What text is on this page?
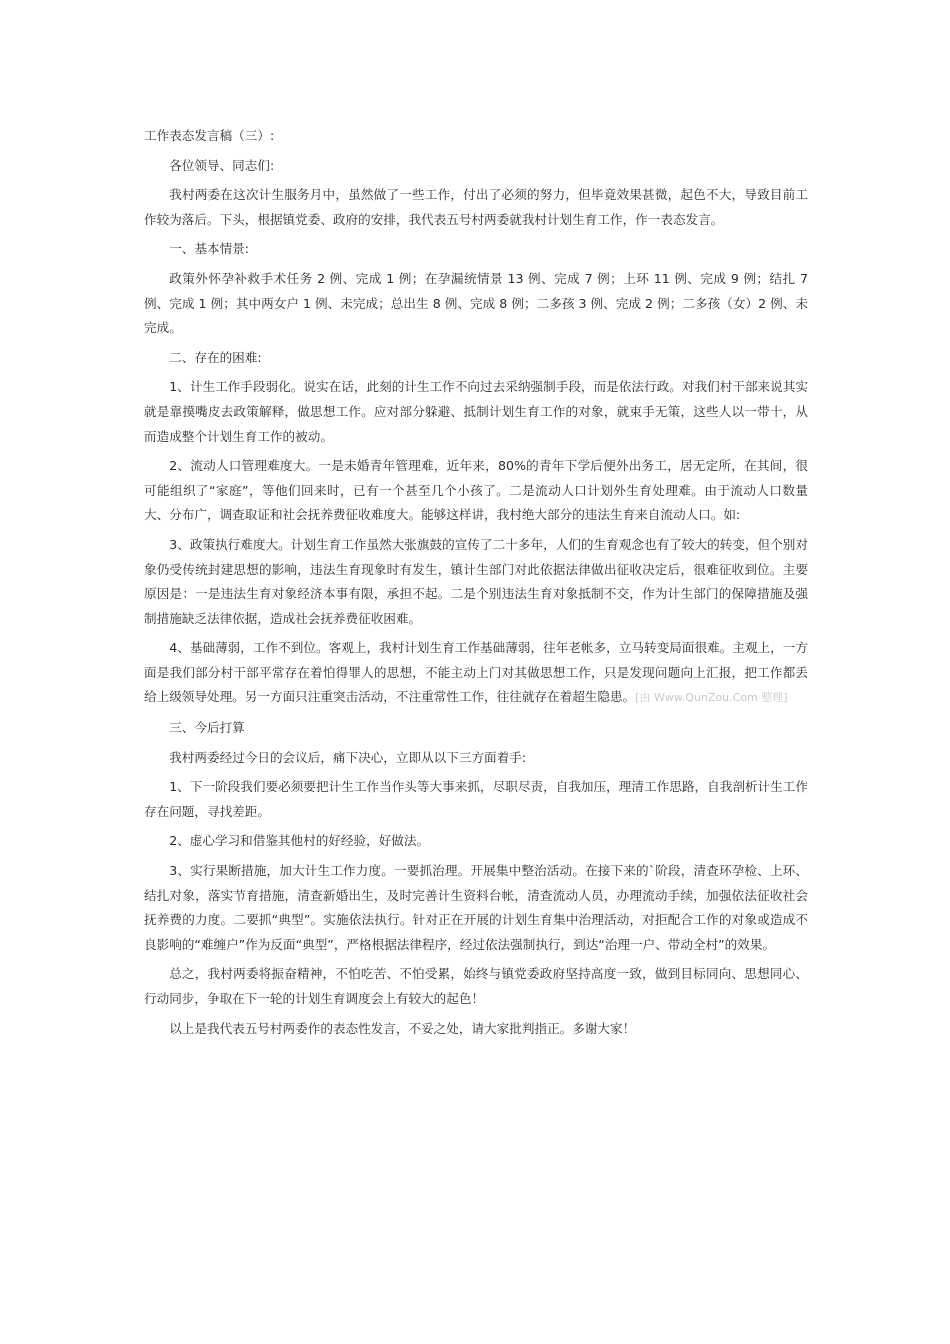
工作表态发言稿（三）:

各位领导、同志们:

我村两委在这次计生服务月中，虽然做了一些工作，付出了必须的努力，但毕竟效果甚微，起色不大，导致目前工作较为落后。下头，根据镇党委、政府的安排，我代表五号村两委就我村计划生育工作，作一表态发言。

一、基本情景:

政策外怀孕补救手术任务 2 例、完成 1 例；在孕漏统情景 13 例、完成 7 例；上环 11 例、完成 9 例；结扎 7 例、完成 1 例；其中两女户 1 例、未完成；总出生 8 例、完成 8 例；二多孩 3 例、完成 2 例；二多孩（女）2 例、未完成。

二、存在的困难:

1、计生工作手段弱化。说实在话，此刻的计生工作不向过去采纳强制手段，而是依法行政。对我们村干部来说其实就是靠摸嘴皮去政策解释，做思想工作。应对部分躲避、抵制计划生育工作的对象，就束手无策，这些人以一带十，从而造成整个计划生育工作的被动。

2、流动人口管理难度大。一是未婚青年管理难，近年来，80%的青年下学后便外出务工，居无定所，在其间，很可能组织了“家庭”，等他们回来时，已有一个甚至几个小孩了。二是流动人口计划外生育处理难。由于流动人口数量大、分布广，调查取证和社会抚养费征收难度大。能够这样讲，我村绝大部分的违法生育来自流动人口。如:

3、政策执行难度大。计划生育工作虽然大张旗鼓的宣传了二十多年，人们的生育观念也有了较大的转变，但个别对象仍受传统封建思想的影响，违法生育现象时有发生，镇计生部门对此依据法律做出征收决定后，很难征收到位。主要原因是：一是违法生育对象经济本事有限，承担不起。二是个别违法生育对象抵制不交，作为计生部门的保障措施及强制措施缺乏法律依据，造成社会抚养费征收困难。

4、基础薄弱，工作不到位。客观上，我村计划生育工作基础薄弱，往年老帐多，立马转变局面很难。主观上，一方面是我们部分村干部平常存在着怕得罪人的思想，不能主动上门对其做思想工作，只是发现问题向上汇报，把工作都丢给上级领导处理。另一方面只注重突击活动，不注重常性工作，往往就存在着超生隐患。[由 Www.QunZou.Com 整理]

三、今后打算

我村两委经过今日的会议后，痛下决心，立即从以下三方面着手:

1、下一阶段我们要必须要把计生工作当作头等大事来抓，尽职尽责，自我加压，理清工作思路，自我剖析计生工作存在问题，寻找差距。

2、虚心学习和借鉴其他村的好经验，好做法。

3、实行果断措施，加大计生工作力度。一要抓治理。开展集中整治活动。在接下来的`阶段，清查环孕检、上环、结扎对象，落实节育措施，清查新婚出生，及时完善计生资料台帐，清查流动人员，办理流动手续，加强依法征收社会抚养费的力度。二要抓“典型”。实施依法执行。针对正在开展的计划生育集中治理活动，对拒配合工作的对象或造成不良影响的“难缠户”作为反面“典型”，严格根据法律程序，经过依法强制执行，到达“治理一户、带动全村”的效果。

总之，我村两委将振奋精神，不怕吃苦、不怕受累，始终与镇党委政府坚持高度一致，做到目标同向、思想同心、行动同步，争取在下一轮的计划生育调度会上有较大的起色！

以上是我代表五号村两委作的表态性发言，不妥之处，请大家批判指正。多谢大家！
